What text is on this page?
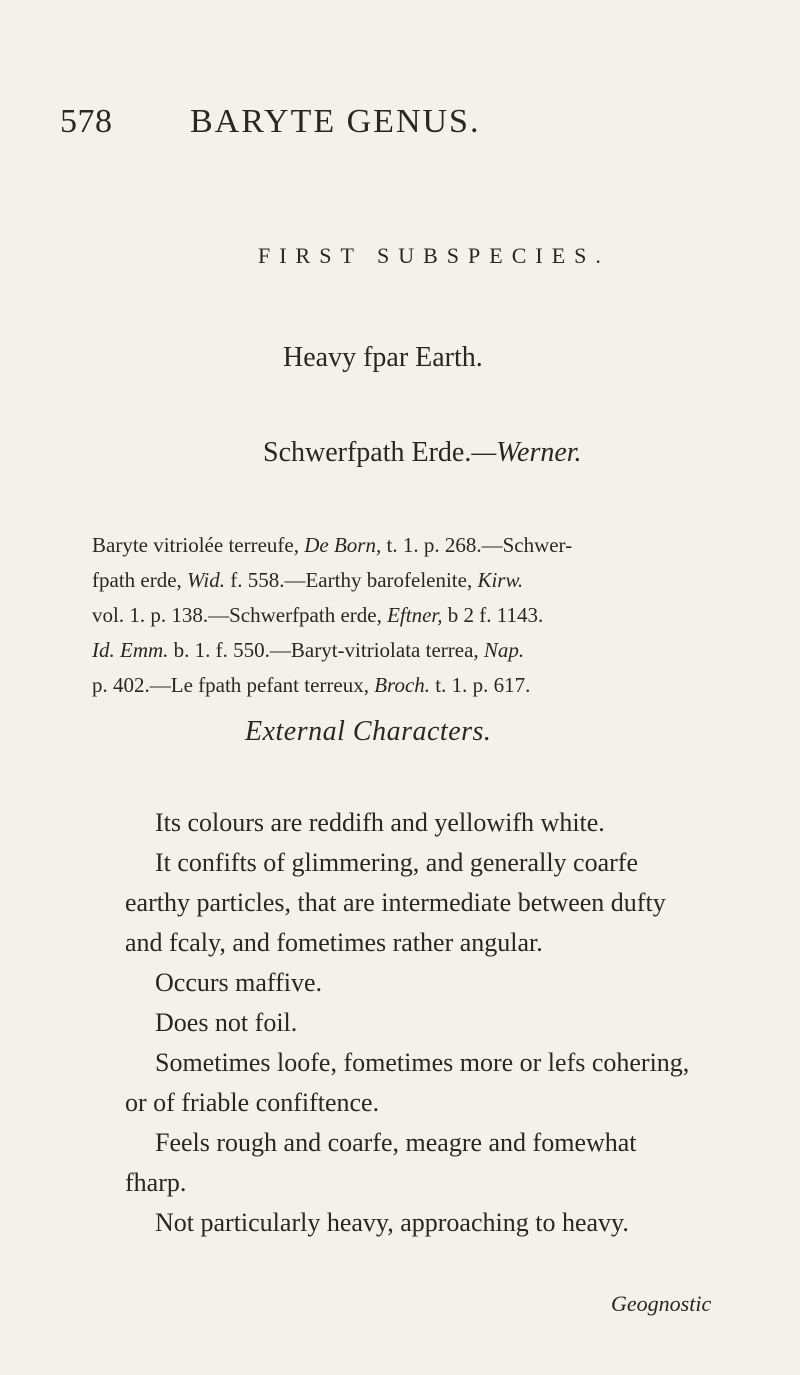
578 BARYTE GENUS.
FIRST SUBSPECIES.
Heavy fpar Earth.
Schwerfpath Erde.—Werner.
Baryte vitriolée terreufe, De Born, t. 1. p. 268.—Schwer-
fpath erde, Wid. f. 558.—Earthy barofelenite, Kirw.
vol. 1. p. 138.—Schwerfpath erde, Eftner, b 2 f. 1143.
Id. Emm. b. 1. f. 550.—Baryt-vitriolata terrea, Nap.
p. 402.—Le fpath pefant terreux, Broch. t. 1. p. 617.
External Characters.
Its colours are reddifh and yellowifh white.
It confifts of glimmering, and generally coarfe
earthy particles, that are intermediate between dufty
and fcaly, and fometimes rather angular.
Occurs maffive.
Does not foil.
Sometimes loofe, fometimes more or lefs cohering,
or of friable confiftence.
Feels rough and coarfe, meagre and fomewhat
fharp.
Not particularly heavy, approaching to heavy.
Geognostic
